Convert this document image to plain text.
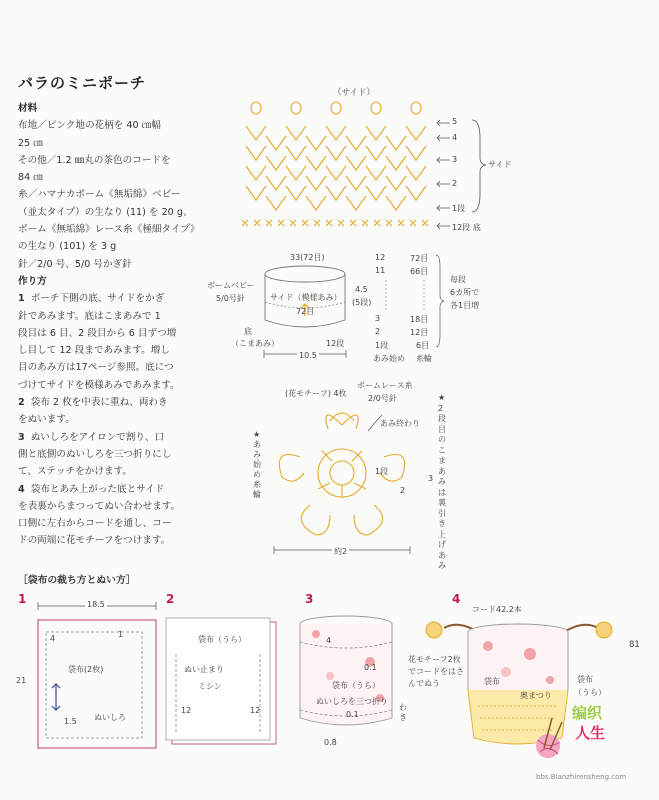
バラのミニポーチ
材料

布地／ピンク地の花柄を 40 ㎝幅

25 ㎝

その他／1.2 ㎜丸の茶色のコードを

84 ㎝

糸／ハマナカボーム《無垢綿》ベビー

（並太タイプ）の生なり (11) を 20 g、

ボーム《無垢綿》レース糸《極細タイプ》

の生なり (101) を 3 g

針／2/0 号、5/0 号かぎ針

作り方

1 ポーチ下側の底、サイドをかぎ

針であみます。底はこまあみで 1

段目は 6 目、2 段目から 6 目ずつ増

し目して 12 段まであみます。増し

目のあみ方は17ページ参照。底につ

づけてサイドを模様あみであみます。

2 袋布 2 枚を中表に重ね、両わき

をぬいます。

3 ぬいしろをアイロンで割り、口

側と底側のぬいしろを三つ折りにし

て、ステッチをかけます。

4 袋布とあみ上がった底とサイド

を表裏からまつってぬい合わせます。

口側に左右からコードを通し、コー

ドの両端に花モチーフをつけます。

（サイド）
5
4
3
2
1段
12段 底
サイド
33(72目)
ボームベビー
5/0号針	サイド（模様あみ）
72目
4.5
(5段)
底
（こまあみ）	12段
10.5
12	72目
11	66目
3	18目
2	12目
1段	6目
あみ始め 糸輪
毎段
6カ所で
各1目増
(花モチーフ) 4枚
ボームレース糸
2/0号針
あみ終わり
★あみ始め糸輪
★2段目のこまあみは裏引き上げあみ
1段
2
3
約2
［袋布の裁ち方とぬい方］
1	18.5
21
4	1
袋布(2枚)
1.5 ぬいしろ
2
袋布（うら）
ぬい止まり
ミシン
12	12
3
4
0.1
袋布（うら）
ぬいしろを三つ折り
わき
0.1
0.8
4
コード42.2本
花モチーフ2枚
でコードをはさ
んでぬう	袋布
奥まつり
袋布
（うら）
81
编织
人生
bbs.Bianzhirensheng.com
